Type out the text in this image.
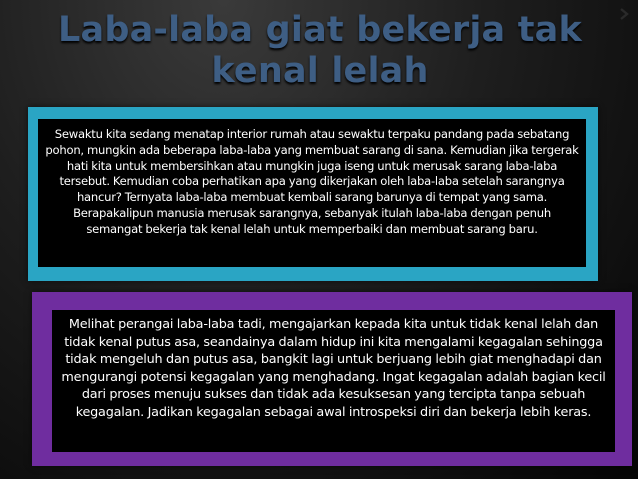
Laba-laba giat bekerja tak
kenal lelah

Sewaktu kita sedang menatap interior rumah atau sewaktu terpaku pandang pada sebatang pohon, mungkin ada beberapa laba-laba yang membuat sarang di sana. Kemudian jika tergerak hati kita untuk membersihkan atau mungkin juga iseng untuk merusak sarang laba-laba tersebut. Kemudian coba perhatikan apa yang dikerjakan oleh laba-laba setelah sarangnya hancur? Ternyata laba-laba membuat kembali sarang barunya di tempat yang sama. Berapakalipun manusia merusak sarangnya, sebanyak itulah laba-laba dengan penuh semangat bekerja tak kenal lelah untuk memperbaiki dan membuat sarang baru.

Melihat perangai laba-laba tadi, mengajarkan kepada kita untuk tidak kenal lelah dan tidak kenal putus asa, seandainya dalam hidup ini kita mengalami kegagalan sehingga tidak mengeluh dan putus asa, bangkit lagi untuk berjuang lebih giat menghadapi dan mengurangi potensi kegagalan yang menghadang. Ingat kegagalan adalah bagian kecil dari proses menuju sukses dan tidak ada kesuksesan yang tercipta tanpa sebuah kegagalan. Jadikan kegagalan sebagai awal introspeksi diri dan bekerja lebih keras.
